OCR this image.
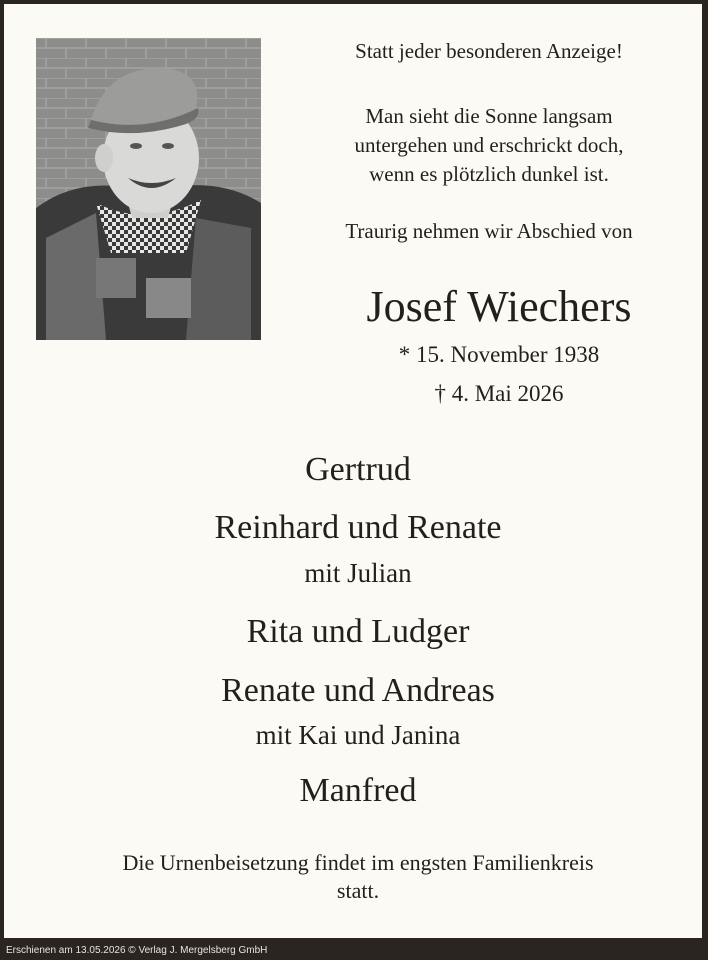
Statt jeder besonderen Anzeige!
Man sieht die Sonne langsam
untergehen und erschrickt doch,
wenn es plötzlich dunkel ist.
Traurig nehmen wir Abschied von
Josef Wiechers
* 15. November 1938
† 4. Mai 2026
Gertrud
Reinhard und Renate
mit Julian
Rita und Ludger
Renate und Andreas
mit Kai und Janina
Manfred
Die Urnenbeisetzung findet im engsten Familienkreis
statt.
Erschienen am 13.05.2026 © Verlag J. Mergelsberg GmbH
